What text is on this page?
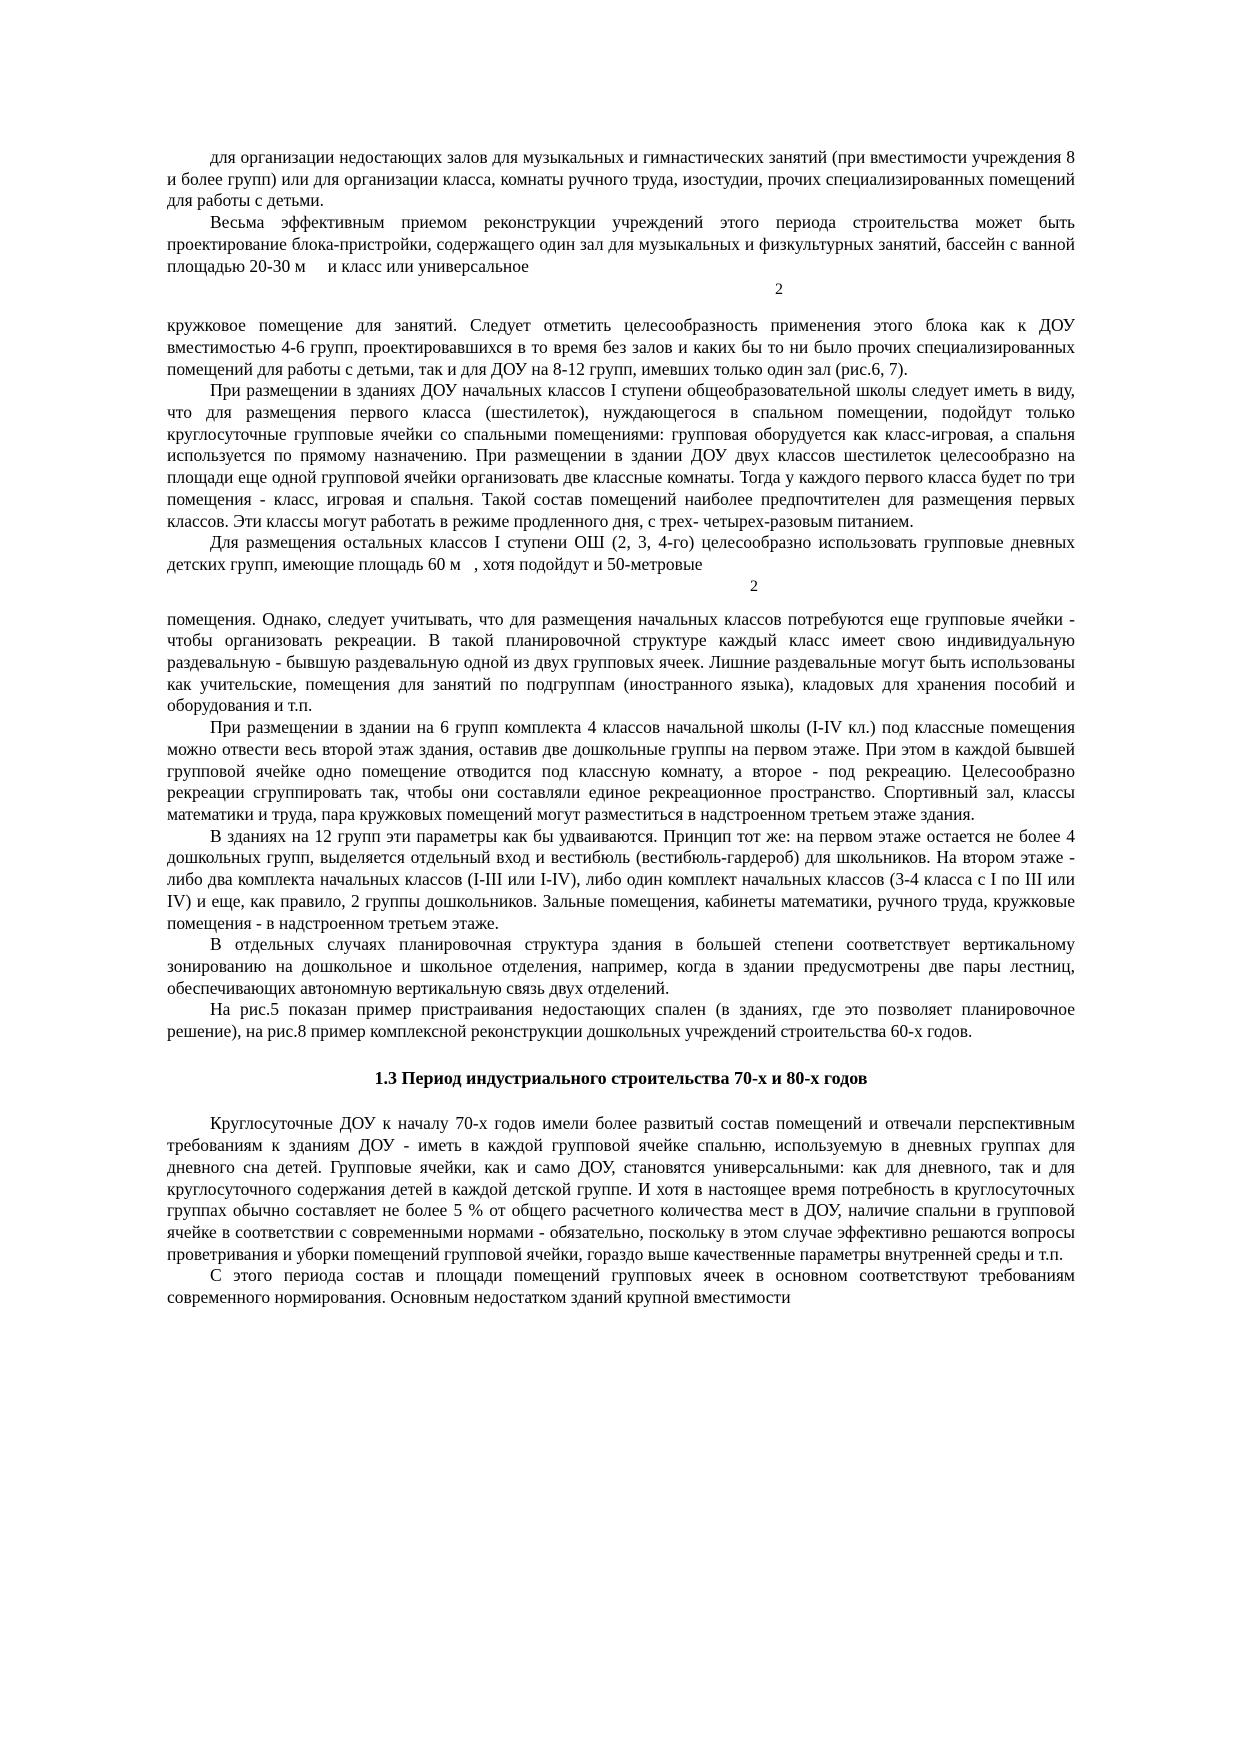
для организации недостающих залов для музыкальных и гимнастических занятий (при вместимости учреждения 8 и более групп) или для организации класса, комнаты ручного труда, изостудии, прочих специализированных помещений для работы с детьми.

Весьма эффективным приемом реконструкции учреждений этого периода строительства может быть проектирование блока-пристройки, содержащего один зал для музыкальных и физкультурных занятий, бассейн с ванной площадью 20-30 м     и класс или универсальное

2

кружковое помещение для занятий. Следует отметить целесообразность применения этого блока как к ДОУ вместимостью 4-6 групп, проектировавшихся в то время без залов и каких бы то ни было прочих специализированных помещений для работы с детьми, так и для ДОУ на 8-12 групп, имевших только один зал (рис.6, 7).

При размещении в зданиях ДОУ начальных классов I ступени общеобразовательной школы следует иметь в виду, что для размещения первого класса (шестилеток), нуждающегося в спальном помещении, подойдут только круглосуточные групповые ячейки со спальными помещениями: групповая оборудуется как класс-игровая, а спальня используется по прямому назначению. При размещении в здании ДОУ двух классов шестилеток целесообразно на площади еще одной групповой ячейки организовать две классные комнаты. Тогда у каждого первого класса будет по три помещения - класс, игровая и спальня. Такой состав помещений наиболее предпочтителен для размещения первых классов. Эти классы могут работать в режиме продленного дня, с трех- четырех-разовым питанием.

Для размещения остальных классов I ступени ОШ (2, 3, 4-го) целесообразно использовать групповые дневных детских групп, имеющие площадь 60 м   , хотя подойдут и 50-метровые

2

помещения. Однако, следует учитывать, что для размещения начальных классов потребуются еще групповые ячейки - чтобы организовать рекреации. В такой планировочной структуре каждый класс имеет свою индивидуальную раздевальную - бывшую раздевальную одной из двух групповых ячеек. Лишние раздевальные могут быть использованы как учительские, помещения для занятий по подгруппам (иностранного языка), кладовых для хранения пособий и оборудования и т.п.

При размещении в здании на 6 групп комплекта 4 классов начальной школы (I-IV кл.) под классные помещения можно отвести весь второй этаж здания, оставив две дошкольные группы на первом этаже. При этом в каждой бывшей групповой ячейке одно помещение отводится под классную комнату, а второе - под рекреацию. Целесообразно рекреации сгруппировать так, чтобы они составляли единое рекреационное пространство. Спортивный зал, классы математики и труда, пара кружковых помещений могут разместиться в надстроенном третьем этаже здания.

В зданиях на 12 групп эти параметры как бы удваиваются. Принцип тот же: на первом этаже остается не более 4 дошкольных групп, выделяется отдельный вход и вестибюль (вестибюль-гардероб) для школьников. На втором этаже - либо два комплекта начальных классов (I-III или I-IV), либо один комплект начальных классов (3-4 класса с I по III или IV) и еще, как правило, 2 группы дошкольников. Зальные помещения, кабинеты математики, ручного труда, кружковые помещения - в надстроенном третьем этаже.

В отдельных случаях планировочная структура здания в большей степени соответствует вертикальному зонированию на дошкольное и школьное отделения, например, когда в здании предусмотрены две пары лестниц, обеспечивающих автономную вертикальную связь двух отделений.

На рис.5 показан пример пристраивания недостающих спален (в зданиях, где это позволяет планировочное решение), на рис.8 пример комплексной реконструкции дошкольных учреждений строительства 60-х годов.

1.3 Период индустриального строительства 70-х и 80-х годов

Круглосуточные ДОУ к началу 70-х годов имели более развитый состав помещений и отвечали перспективным требованиям к зданиям ДОУ - иметь в каждой групповой ячейке спальню, используемую в дневных группах для дневного сна детей. Групповые ячейки, как и само ДОУ, становятся универсальными: как для дневного, так и для круглосуточного содержания детей в каждой детской группе. И хотя в настоящее время потребность в круглосуточных группах обычно составляет не более 5 % от общего расчетного количества мест в ДОУ, наличие спальни в групповой ячейке в соответствии с современными нормами - обязательно, поскольку в этом случае эффективно решаются вопросы проветривания и уборки помещений групповой ячейки, гораздо выше качественные параметры внутренней среды и т.п.

С этого периода состав и площади помещений групповых ячеек в основном соответствуют требованиям современного нормирования. Основным недостатком зданий крупной вместимости
